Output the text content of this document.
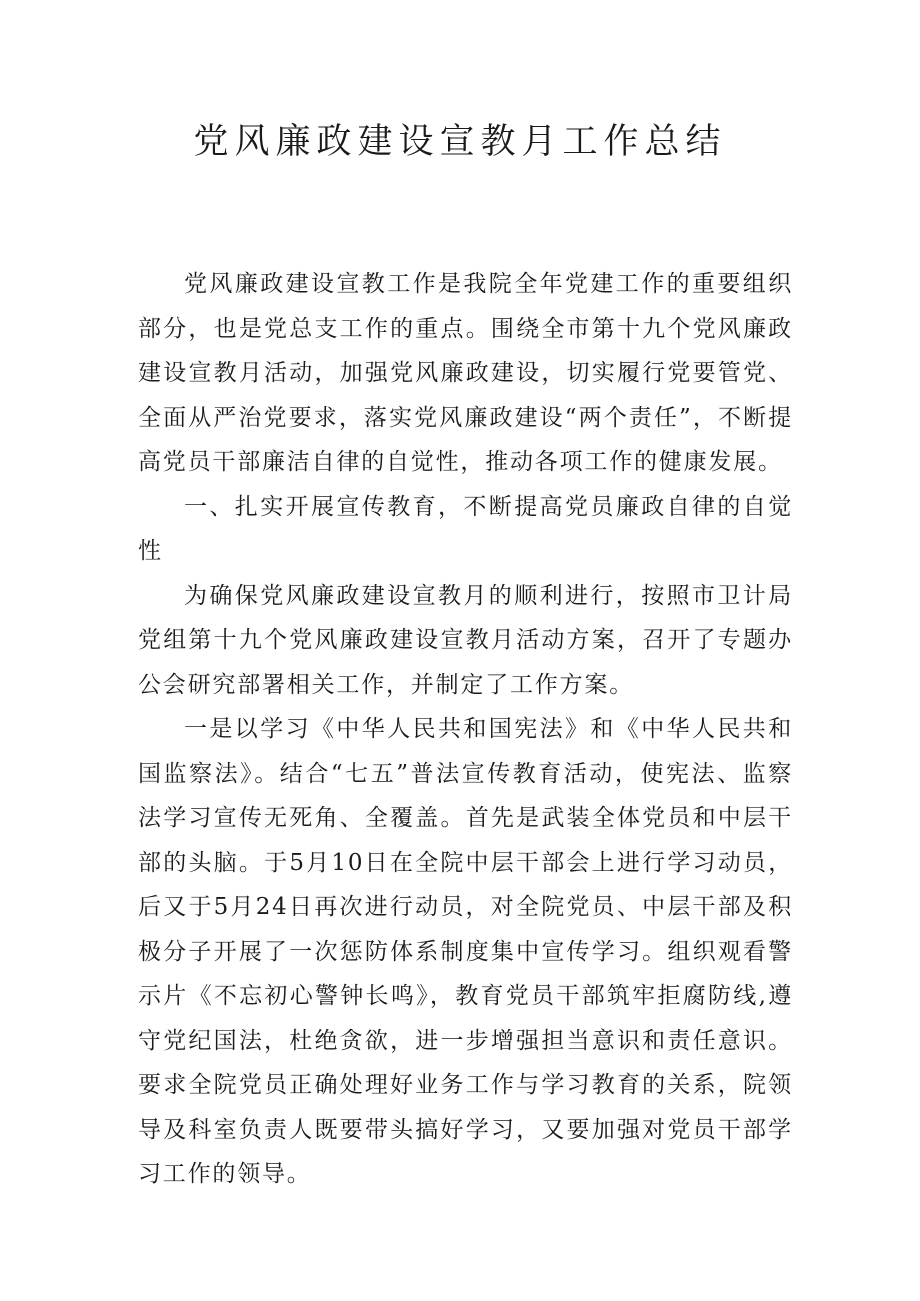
党风廉政建设宣教月工作总结

党风廉政建设宣教工作是我院全年党建工作的重要组织部分，也是党总支工作的重点。围绕全市第十九个党风廉政建设宣教月活动，加强党风廉政建设，切实履行党要管党、全面从严治党要求，落实党风廉政建设“两个责任”，不断提高党员干部廉洁自律的自觉性，推动各项工作的健康发展。

一、扎实开展宣传教育，不断提高党员廉政自律的自觉性

为确保党风廉政建设宣教月的顺利进行，按照市卫计局党组第十九个党风廉政建设宣教月活动方案，召开了专题办公会研究部署相关工作，并制定了工作方案。

一是以学习《中华人民共和国宪法》和《中华人民共和国监察法》。结合“七五”普法宣传教育活动，使宪法、监察法学习宣传无死角、全覆盖。首先是武装全体党员和中层干部的头脑。于5月10日在全院中层干部会上进行学习动员，后又于5月24日再次进行动员，对全院党员、中层干部及积极分子开展了一次惩防体系制度集中宣传学习。组织观看警示片《不忘初心警钟长鸣》，教育党员干部筑牢拒腐防线,遵守党纪国法，杜绝贪欲，进一步增强担当意识和责任意识。要求全院党员正确处理好业务工作与学习教育的关系，院领导及科室负责人既要带头搞好学习，又要加强对党员干部学习工作的领导。
